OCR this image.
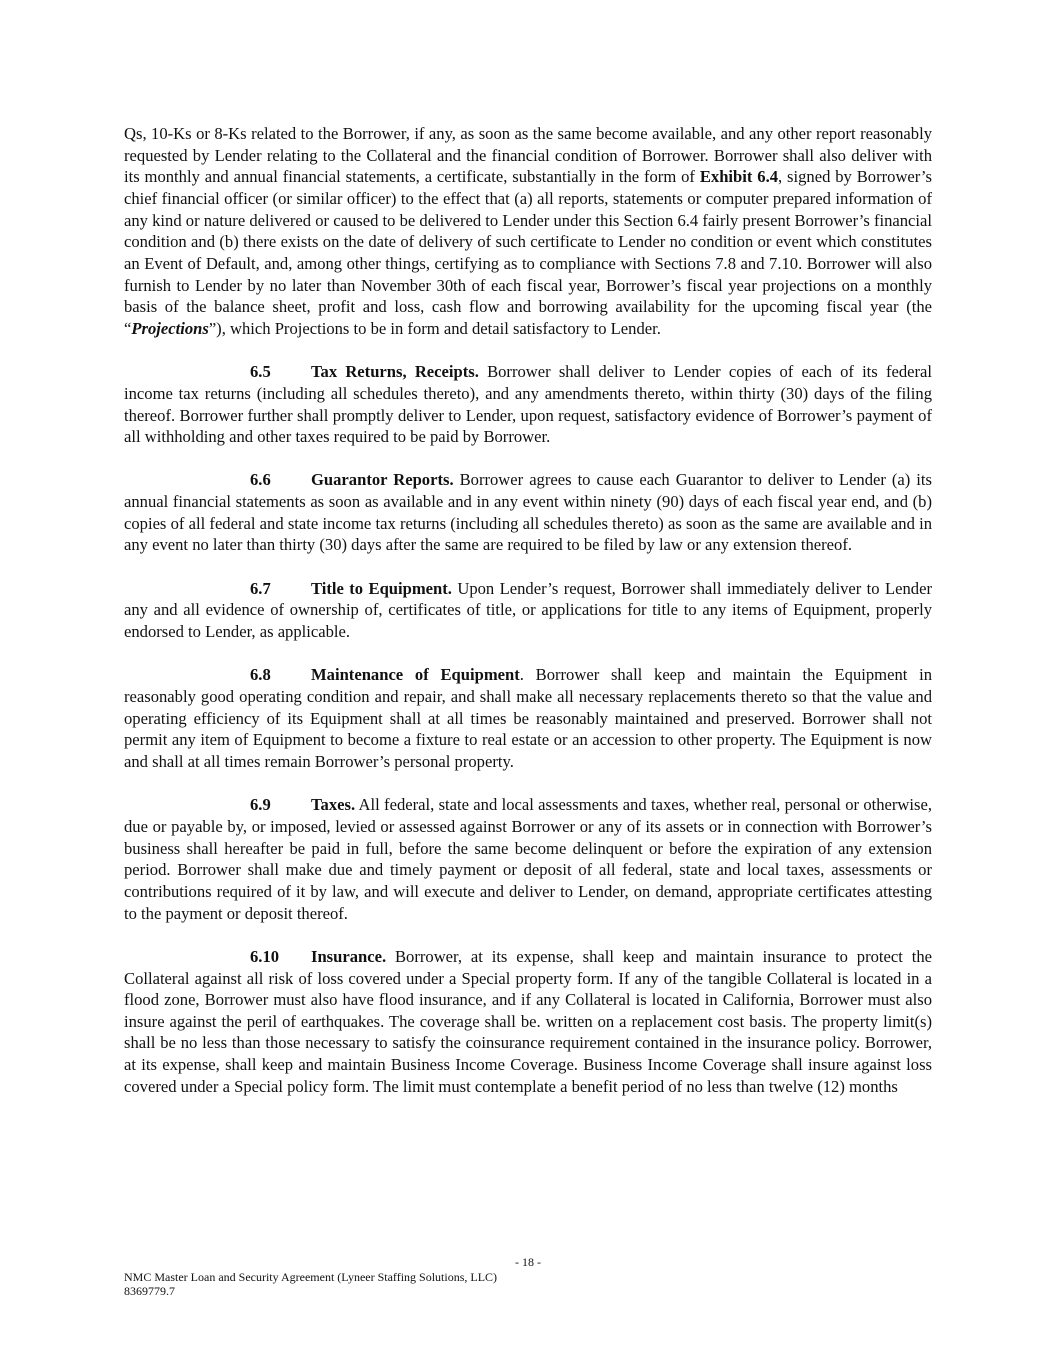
Qs, 10-Ks or 8-Ks related to the Borrower, if any, as soon as the same become available, and any other report reasonably requested by Lender relating to the Collateral and the financial condition of Borrower. Borrower shall also deliver with its monthly and annual financial statements, a certificate, substantially in the form of Exhibit 6.4, signed by Borrower’s chief financial officer (or similar officer) to the effect that (a) all reports, statements or computer prepared information of any kind or nature delivered or caused to be delivered to Lender under this Section 6.4 fairly present Borrower’s financial condition and (b) there exists on the date of delivery of such certificate to Lender no condition or event which constitutes an Event of Default, and, among other things, certifying as to compliance with Sections 7.8 and 7.10. Borrower will also furnish to Lender by no later than November 30th of each fiscal year, Borrower’s fiscal year projections on a monthly basis of the balance sheet, profit and loss, cash flow and borrowing availability for the upcoming fiscal year (the “Projections”), which Projections to be in form and detail satisfactory to Lender.

6.5 Tax Returns, Receipts. Borrower shall deliver to Lender copies of each of its federal income tax returns (including all schedules thereto), and any amendments thereto, within thirty (30) days of the filing thereof. Borrower further shall promptly deliver to Lender, upon request, satisfactory evidence of Borrower’s payment of all withholding and other taxes required to be paid by Borrower.

6.6 Guarantor Reports. Borrower agrees to cause each Guarantor to deliver to Lender (a) its annual financial statements as soon as available and in any event within ninety (90) days of each fiscal year end, and (b) copies of all federal and state income tax returns (including all schedules thereto) as soon as the same are available and in any event no later than thirty (30) days after the same are required to be filed by law or any extension thereof.

6.7 Title to Equipment. Upon Lender’s request, Borrower shall immediately deliver to Lender any and all evidence of ownership of, certificates of title, or applications for title to any items of Equipment, properly endorsed to Lender, as applicable.

6.8 Maintenance of Equipment. Borrower shall keep and maintain the Equipment in reasonably good operating condition and repair, and shall make all necessary replacements thereto so that the value and operating efficiency of its Equipment shall at all times be reasonably maintained and preserved. Borrower shall not permit any item of Equipment to become a fixture to real estate or an accession to other property. The Equipment is now and shall at all times remain Borrower’s personal property.

6.9 Taxes. All federal, state and local assessments and taxes, whether real, personal or otherwise, due or payable by, or imposed, levied or assessed against Borrower or any of its assets or in connection with Borrower’s business shall hereafter be paid in full, before the same become delinquent or before the expiration of any extension period. Borrower shall make due and timely payment or deposit of all federal, state and local taxes, assessments or contributions required of it by law, and will execute and deliver to Lender, on demand, appropriate certificates attesting to the payment or deposit thereof.

6.10 Insurance. Borrower, at its expense, shall keep and maintain insurance to protect the Collateral against all risk of loss covered under a Special property form. If any of the tangible Collateral is located in a flood zone, Borrower must also have flood insurance, and if any Collateral is located in California, Borrower must also insure against the peril of earthquakes. The coverage shall be. written on a replacement cost basis. The property limit(s) shall be no less than those necessary to satisfy the coinsurance requirement contained in the insurance policy. Borrower, at its expense, shall keep and maintain Business Income Coverage. Business Income Coverage shall insure against loss covered under a Special policy form. The limit must contemplate a benefit period of no less than twelve (12) months

- 18 -
NMC Master Loan and Security Agreement (Lyneer Staffing Solutions, LLC)
8369779.7
